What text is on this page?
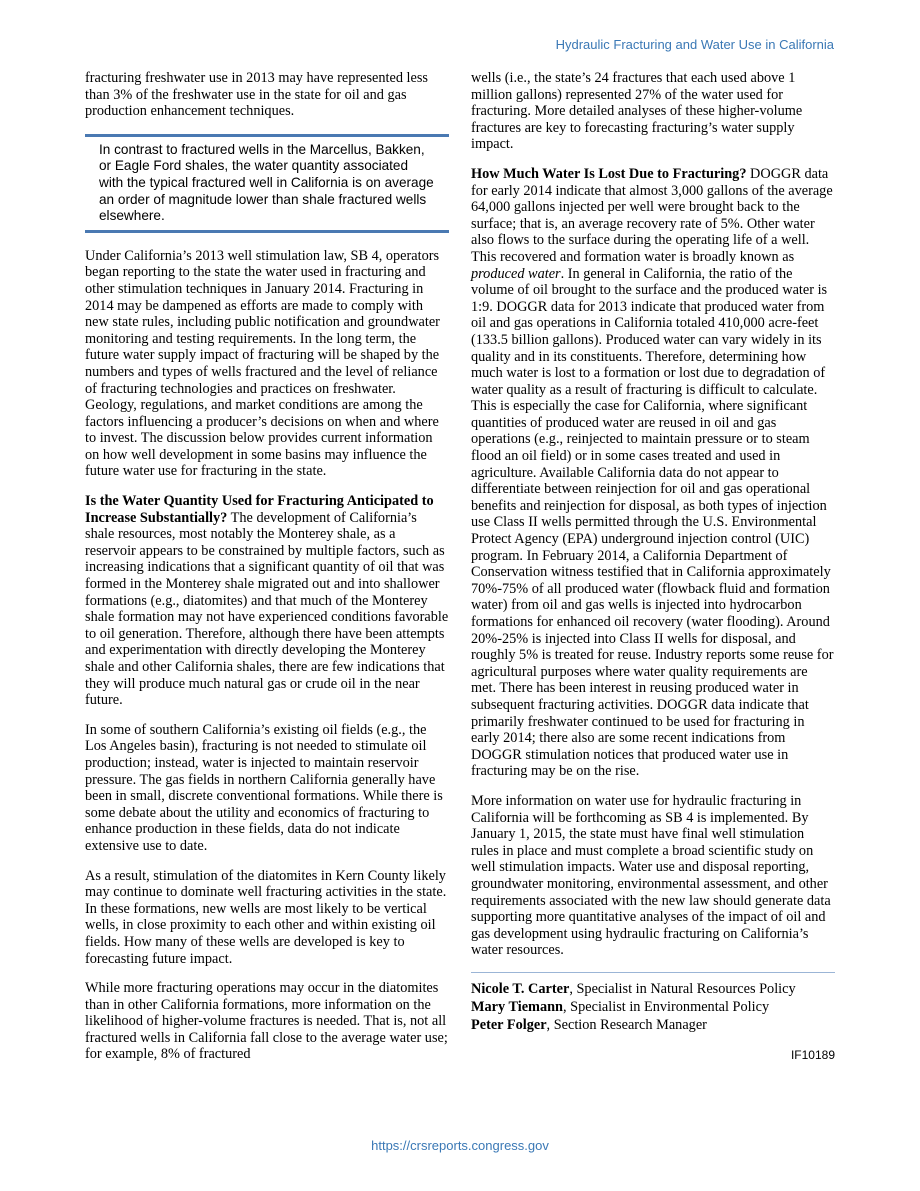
Hydraulic Fracturing and Water Use in California

fracturing freshwater use in 2013 may have represented less than 3% of the freshwater use in the state for oil and gas production enhancement techniques.

In contrast to fractured wells in the Marcellus, Bakken, or Eagle Ford shales, the water quantity associated with the typical fractured well in California is on average an order of magnitude lower than shale fractured wells elsewhere.

Under California’s 2013 well stimulation law, SB 4, operators began reporting to the state the water used in fracturing and other stimulation techniques in January 2014. Fracturing in 2014 may be dampened as efforts are made to comply with new state rules, including public notification and groundwater monitoring and testing requirements. In the long term, the future water supply impact of fracturing will be shaped by the numbers and types of wells fractured and the level of reliance of fracturing technologies and practices on freshwater. Geology, regulations, and market conditions are among the factors influencing a producer’s decisions on when and where to invest. The discussion below provides current information on how well development in some basins may influence the future water use for fracturing in the state.

Is the Water Quantity Used for Fracturing Anticipated to Increase Substantially? The development of California’s shale resources, most notably the Monterey shale, as a reservoir appears to be constrained by multiple factors, such as increasing indications that a significant quantity of oil that was formed in the Monterey shale migrated out and into shallower formations (e.g., diatomites) and that much of the Monterey shale formation may not have experienced conditions favorable to oil generation. Therefore, although there have been attempts and experimentation with directly developing the Monterey shale and other California shales, there are few indications that they will produce much natural gas or crude oil in the near future.

In some of southern California’s existing oil fields (e.g., the Los Angeles basin), fracturing is not needed to stimulate oil production; instead, water is injected to maintain reservoir pressure. The gas fields in northern California generally have been in small, discrete conventional formations. While there is some debate about the utility and economics of fracturing to enhance production in these fields, data do not indicate extensive use to date.

As a result, stimulation of the diatomites in Kern County likely may continue to dominate well fracturing activities in the state. In these formations, new wells are most likely to be vertical wells, in close proximity to each other and within existing oil fields. How many of these wells are developed is key to forecasting future impact.

While more fracturing operations may occur in the diatomites than in other California formations, more information on the likelihood of higher-volume fractures is needed. That is, not all fractured wells in California fall close to the average water use; for example, 8% of fractured

wells (i.e., the state’s 24 fractures that each used above 1 million gallons) represented 27% of the water used for fracturing. More detailed analyses of these higher-volume fractures are key to forecasting fracturing’s water supply impact.

How Much Water Is Lost Due to Fracturing? DOGGR data for early 2014 indicate that almost 3,000 gallons of the average 64,000 gallons injected per well were brought back to the surface; that is, an average recovery rate of 5%. Other water also flows to the surface during the operating life of a well. This recovered and formation water is broadly known as produced water. In general in California, the ratio of the volume of oil brought to the surface and the produced water is 1:9. DOGGR data for 2013 indicate that produced water from oil and gas operations in California totaled 410,000 acre-feet (133.5 billion gallons). Produced water can vary widely in its quality and in its constituents. Therefore, determining how much water is lost to a formation or lost due to degradation of water quality as a result of fracturing is difficult to calculate. This is especially the case for California, where significant quantities of produced water are reused in oil and gas operations (e.g., reinjected to maintain pressure or to steam flood an oil field) or in some cases treated and used in agriculture. Available California data do not appear to differentiate between reinjection for oil and gas operational benefits and reinjection for disposal, as both types of injection use Class II wells permitted through the U.S. Environmental Protect Agency (EPA) underground injection control (UIC) program. In February 2014, a California Department of Conservation witness testified that in California approximately 70%-75% of all produced water (flowback fluid and formation water) from oil and gas wells is injected into hydrocarbon formations for enhanced oil recovery (water flooding). Around 20%-25% is injected into Class II wells for disposal, and roughly 5% is treated for reuse. Industry reports some reuse for agricultural purposes where water quality requirements are met. There has been interest in reusing produced water in subsequent fracturing activities. DOGGR data indicate that primarily freshwater continued to be used for fracturing in early 2014; there also are some recent indications from DOGGR stimulation notices that produced water use in fracturing may be on the rise.

More information on water use for hydraulic fracturing in California will be forthcoming as SB 4 is implemented. By January 1, 2015, the state must have final well stimulation rules in place and must complete a broad scientific study on well stimulation impacts. Water use and disposal reporting, groundwater monitoring, environmental assessment, and other requirements associated with the new law should generate data supporting more quantitative analyses of the impact of oil and gas development using hydraulic fracturing on California’s water resources.

Nicole T. Carter, Specialist in Natural Resources Policy

Mary Tiemann, Specialist in Environmental Policy

Peter Folger, Section Research Manager

IF10189
https://crsreports.congress.gov
